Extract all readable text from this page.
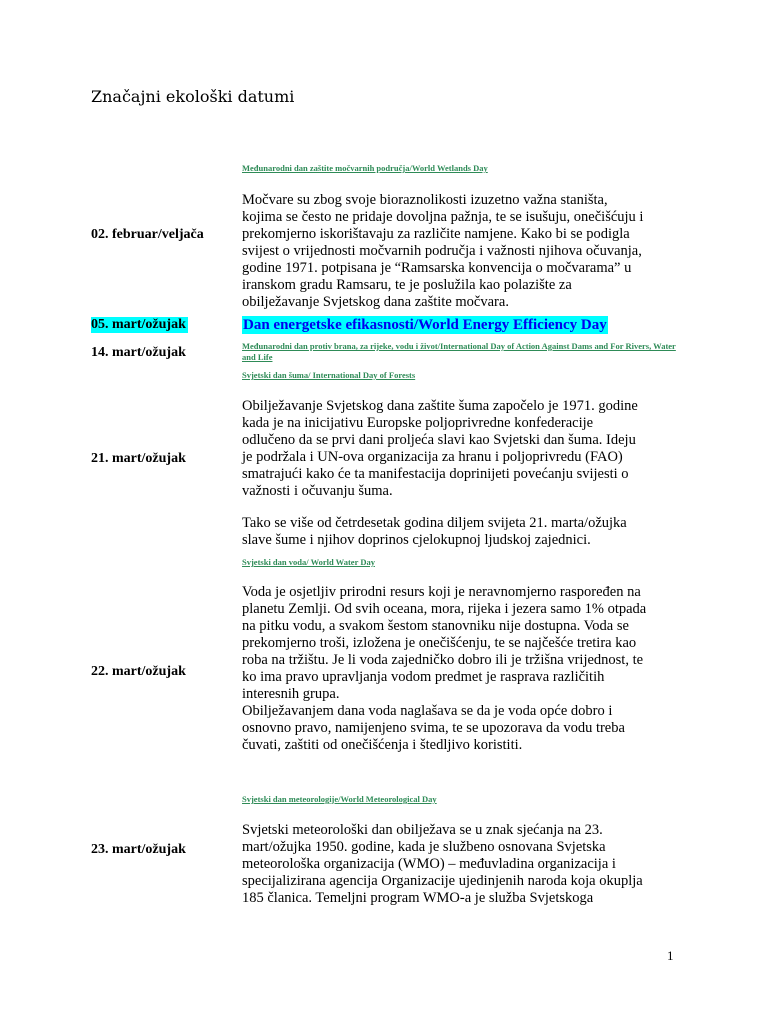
Značajni ekološki datumi
Međunarodni dan zaštite močvarnih područja/World Wetlands Day

Močvare su zbog svoje bioraznolikosti izuzetno važna staništa,
kojima se često ne pridaje dovoljna pažnja, te se isušuju, onečišćuju i
prekomjerno iskorištavaju za različite namjene. Kako bi se podigla
svijest o vrijednosti močvarnih područja i važnosti njihova očuvanja,
godine 1971. potpisana je “Ramsarska konvencija o močvarama” u
iranskom gradu Ramsaru, te je poslužila kao polazište za
obilježavanje Svjetskog dana zaštite močvara.

02. februar/veljača
05. mart/ožujak	Dan energetske efikasnosti/World Energy Efficiency Day
14. mart/ožujak	Međunarodni dan protiv brana, za rijeke, vodu i život/International Day of Action Against Dams and For Rivers, Water and Life
Svjetski dan šuma/ International Day of Forests

Obilježavanje Svjetskog dana zaštite šuma započelo je 1971. godine
kada je na inicijativu Europske poljoprivredne konfederacije
odlučeno da se prvi dani proljeća slavi kao Svjetski dan šuma. Ideju
je podržala i UN-ova organizacija za hranu i poljoprivredu (FAO)
smatrajući kako će ta manifestacija doprinijeti povećanju svijesti o
važnosti i očuvanju šuma.

21. mart/ožujak

Tako se više od četrdesetak godina diljem svijeta 21. marta/ožujka
slave šume i njihov doprinos cjelokupnoj ljudskoj zajednici.

Svjetski dan voda/ World Water Day

Voda je osjetljiv prirodni resurs koji je neravnomjerno raspoređen na
planetu Zemlji. Od svih oceana, mora, rijeka i jezera samo 1% otpada
na pitku vodu, a svakom šestom stanovniku nije dostupna. Voda se
prekomjerno troši, izložena je onečišćenju, te se najčešće tretira kao
roba na tržištu. Je li voda zajedničko dobro ili je tržišna vrijednost, te
ko ima pravo upravljanja vodom predmet je rasprava različitih
interesnih grupa.
Obilježavanjem dana voda naglašava se da je voda opće dobro i
osnovno pravo, namijenjeno svima, te se upozorava da vodu treba
čuvati, zaštiti od onečišćenja i štedljivo koristiti.

22. mart/ožujak
Svjetski dan meteorologije/World Meteorological Day

Svjetski meteorološki dan obilježava se u znak sjećanja na 23.
mart/ožujka 1950. godine, kada je službeno osnovana Svjetska
meteorološka organizacija (WMO) – međuvladina organizacija i
specijalizirana agencija Organizacije ujedinjenih naroda koja okuplja
185 članica. Temeljni program WMO-a je služba Svjetskoga

23. mart/ožujak
1
